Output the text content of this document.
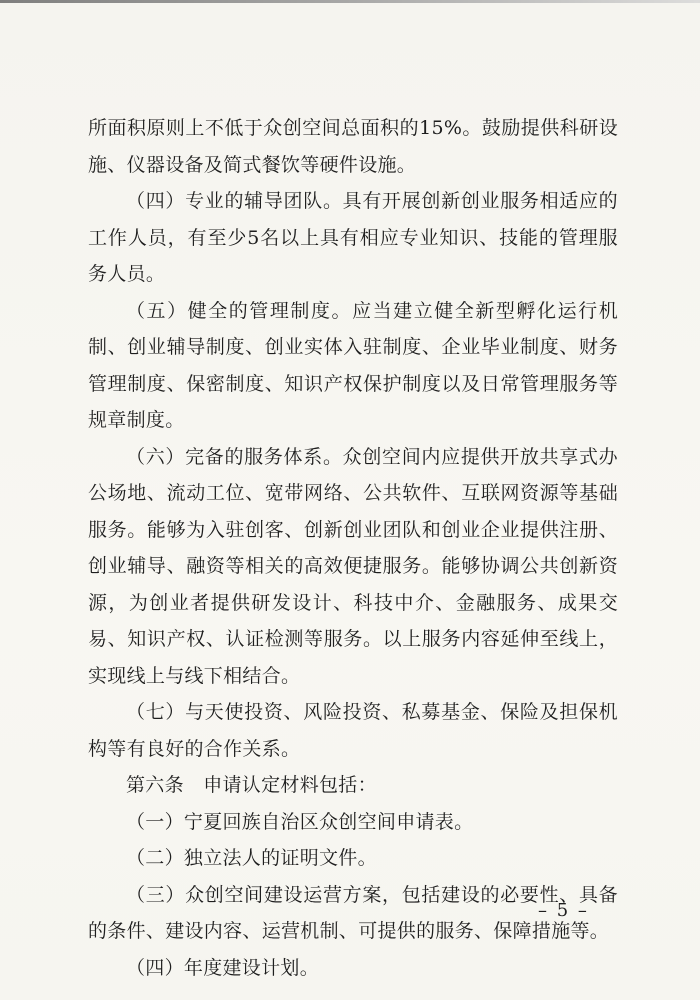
所面积原则上不低于众创空间总面积的15%。鼓励提供科研设施、仪器设备及简式餐饮等硬件设施。

（四）专业的辅导团队。具有开展创新创业服务相适应的工作人员，有至少5名以上具有相应专业知识、技能的管理服务人员。

（五）健全的管理制度。应当建立健全新型孵化运行机制、创业辅导制度、创业实体入驻制度、企业毕业制度、财务管理制度、保密制度、知识产权保护制度以及日常管理服务等规章制度。

（六）完备的服务体系。众创空间内应提供开放共享式办公场地、流动工位、宽带网络、公共软件、互联网资源等基础服务。能够为入驻创客、创新创业团队和创业企业提供注册、创业辅导、融资等相关的高效便捷服务。能够协调公共创新资源，为创业者提供研发设计、科技中介、金融服务、成果交易、知识产权、认证检测等服务。以上服务内容延伸至线上，实现线上与线下相结合。

（七）与天使投资、风险投资、私募基金、保险及担保机构等有良好的合作关系。

第六条　申请认定材料包括：

（一）宁夏回族自治区众创空间申请表。

（二）独立法人的证明文件。

（三）众创空间建设运营方案，包括建设的必要性、具备的条件、建设内容、运营机制、可提供的服务、保障措施等。

（四）年度建设计划。

– 5 –
